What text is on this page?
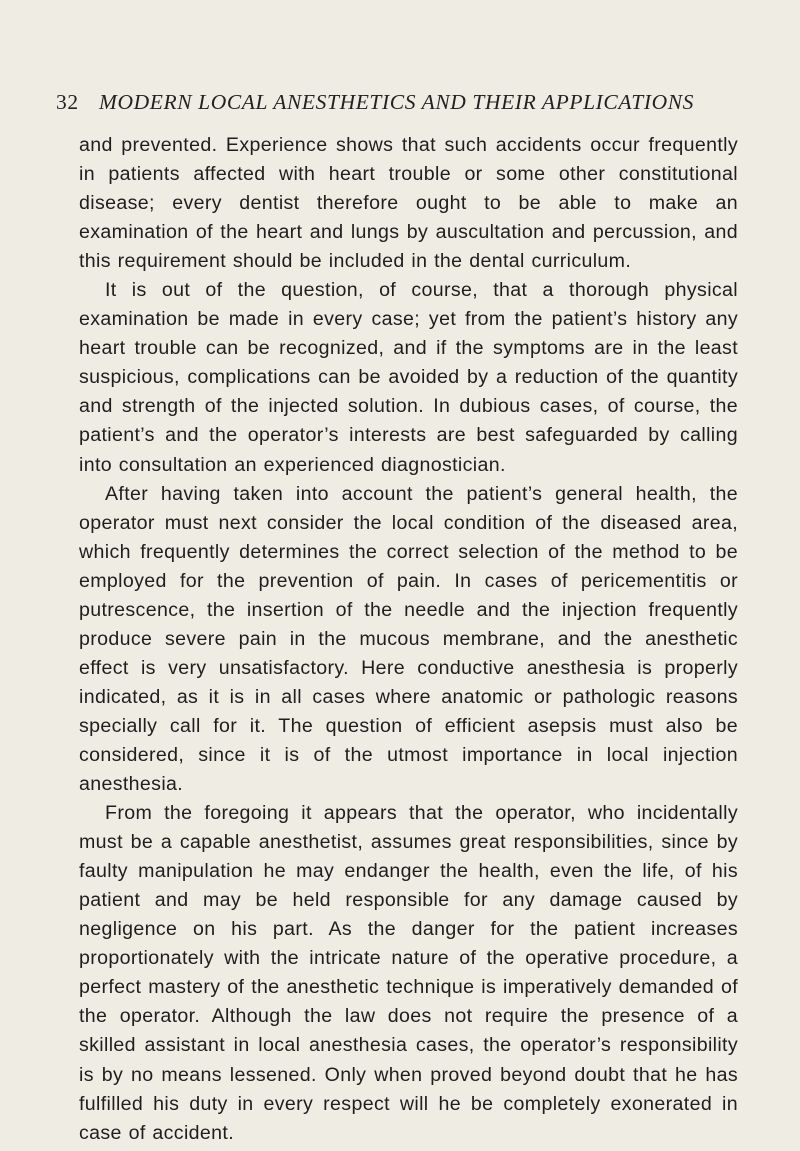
32 MODERN LOCAL ANESTHETICS AND THEIR APPLICATIONS

and prevented. Experience shows that such accidents occur frequently in patients affected with heart trouble or some other constitutional disease; every dentist therefore ought to be able to make an examination of the heart and lungs by auscultation and percussion, and this requirement should be included in the dental curriculum.

It is out of the question, of course, that a thorough physical examination be made in every case; yet from the patient’s history any heart trouble can be recognized, and if the symptoms are in the least suspicious, complications can be avoided by a reduction of the quantity and strength of the injected solution. In dubious cases, of course, the patient’s and the operator’s interests are best safeguarded by calling into consultation an experienced diagnostician.

After having taken into account the patient’s general health, the operator must next consider the local condition of the diseased area, which frequently determines the correct selection of the method to be employed for the prevention of pain. In cases of pericementitis or putrescence, the insertion of the needle and the injection frequently produce severe pain in the mucous membrane, and the anesthetic effect is very unsatisfactory. Here conductive anesthesia is properly indicated, as it is in all cases where anatomic or pathologic reasons specially call for it. The question of efficient asepsis must also be considered, since it is of the utmost importance in local injection anesthesia.

From the foregoing it appears that the operator, who incidentally must be a capable anesthetist, assumes great responsibilities, since by faulty manipulation he may endanger the health, even the life, of his patient and may be held responsible for any damage caused by negligence on his part. As the danger for the patient increases proportionately with the intricate nature of the operative procedure, a perfect mastery of the anesthetic technique is imperatively demanded of the operator. Although the law does not require the presence of a skilled assistant in local anesthesia cases, the operator’s responsibility is by no means lessened. Only when proved beyond doubt that he has fulfilled his duty in every respect will he be completely exonerated in case of accident.
